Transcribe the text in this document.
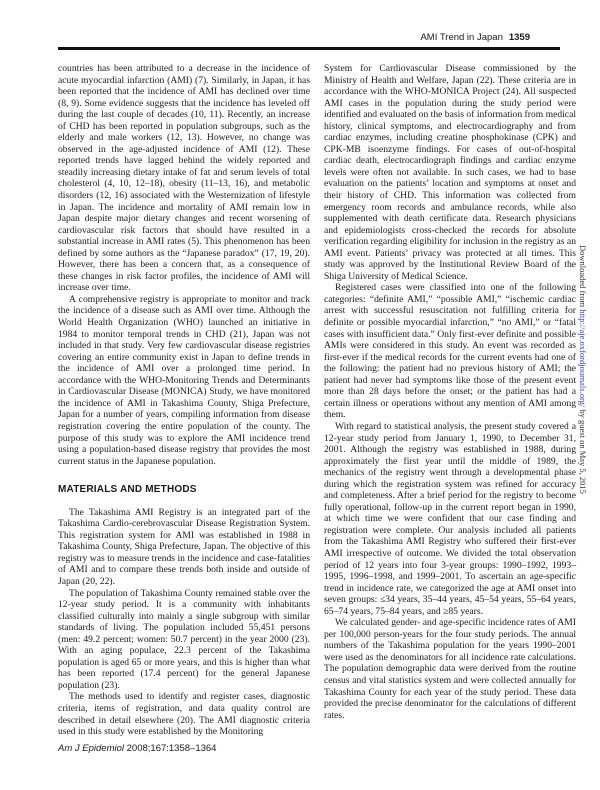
AMI Trend in Japan 1359

countries has been attributed to a decrease in the incidence of acute myocardial infarction (AMI) (7). Similarly, in Japan, it has been reported that the incidence of AMI has declined over time (8, 9). Some evidence suggests that the incidence has leveled off during the last couple of decades (10, 11). Recently, an increase of CHD has been reported in population subgroups, such as the elderly and male workers (12, 13). However, no change was observed in the age-adjusted incidence of AMI (12). These reported trends have lagged behind the widely reported and steadily increasing dietary intake of fat and serum levels of total cholesterol (4, 10, 12–18), obesity (11–13, 16), and metabolic disorders (12, 16) associated with the Westernization of lifestyle in Japan. The incidence and mortality of AMI remain low in Japan despite major dietary changes and recent worsening of cardiovascular risk factors that should have resulted in a substantial increase in AMI rates (5). This phenomenon has been defined by some authors as the “Japanese paradox” (17, 19, 20). However, there has been a concern that, as a consequence of these changes in risk factor profiles, the incidence of AMI will increase over time.

A comprehensive registry is appropriate to monitor and track the incidence of a disease such as AMI over time. Although the World Health Organization (WHO) launched an initiative in 1984 to monitor temporal trends in CHD (21), Japan was not included in that study. Very few cardiovascular disease registries covering an entire community exist in Japan to define trends in the incidence of AMI over a prolonged time period. In accordance with the WHO-Monitoring Trends and Determinants in Cardiovascular Disease (MONICA) Study, we have monitored the incidence of AMI in Takashima County, Shiga Prefecture, Japan for a number of years, compiling information from disease registration covering the entire population of the county. The purpose of this study was to explore the AMI incidence trend using a population-based disease registry that provides the most current status in the Japanese population.

MATERIALS AND METHODS

The Takashima AMI Registry is an integrated part of the Takashima Cardio-cerebrovascular Disease Registration System. This registration system for AMI was established in 1988 in Takashima County, Shiga Prefecture, Japan. The objective of this registry was to measure trends in the incidence and case-fatalities of AMI and to compare these trends both inside and outside of Japan (20, 22).

The population of Takashima County remained stable over the 12-year study period. It is a community with inhabitants classified culturally into mainly a single subgroup with similar standards of living. The population included 55,451 persons (men: 49.2 percent; women: 50.7 percent) in the year 2000 (23). With an aging populace, 22.3 percent of the Takashima population is aged 65 or more years, and this is higher than what has been reported (17.4 percent) for the general Japanese population (23).

The methods used to identify and register cases, diagnostic criteria, items of registration, and data quality control are described in detail elsewhere (20). The AMI diagnostic criteria used in this study were established by the Monitoring

System for Cardiovascular Disease commissioned by the Ministry of Health and Welfare, Japan (22). These criteria are in accordance with the WHO-MONICA Project (24). All suspected AMI cases in the population during the study period were identified and evaluated on the basis of information from medical history, clinical symptoms, and electrocardiography and from cardiac enzymes, including creatine phosphokinase (CPK) and CPK-MB isoenzyme findings. For cases of out-of-hospital cardiac death, electrocardiograph findings and cardiac enzyme levels were often not available. In such cases, we had to base evaluation on the patients’ location and symptoms at onset and their history of CHD. This information was collected from emergency room records and ambulance records, while also supplemented with death certificate data. Research physicians and epidemiologists cross-checked the records for absolute verification regarding eligibility for inclusion in the registry as an AMI event. Patients’ privacy was protected at all times. This study was approved by the Institutional Review Board of the Shiga University of Medical Science.

Registered cases were classified into one of the following categories: “definite AMI,” “possible AMI,” “ischemic cardiac arrest with successful resuscitation not fulfilling criteria for definite or possible myocardial infarction,” “no AMI,” or “fatal cases with insufficient data.” Only first-ever definite and possible AMIs were considered in this study. An event was recorded as first-ever if the medical records for the current events had one of the following: the patient had no previous history of AMI; the patient had never had symptoms like those of the present event more than 28 days before the onset; or the patient has had a certain illness or operations without any mention of AMI among them.

With regard to statistical analysis, the present study covered a 12-year study period from January 1, 1990, to December 31, 2001. Although the registry was established in 1988, during approximately the first year until the middle of 1989, the mechanics of the registry went through a developmental phase during which the registration system was refined for accuracy and completeness. After a brief period for the registry to become fully operational, follow-up in the current report began in 1990, at which time we were confident that our case finding and registration were complete. Our analysis included all patients from the Takashima AMI Registry who suffered their first-ever AMI irrespective of outcome. We divided the total observation period of 12 years into four 3-year groups: 1990–1992, 1993–1995, 1996–1998, and 1999–2001. To ascertain an age-specific trend in incidence rate, we categorized the age at AMI onset into seven groups: ≤34 years, 35–44 years, 45–54 years, 55–64 years, 65–74 years, 75–84 years, and ≥85 years.

We calculated gender- and age-specific incidence rates of AMI per 100,000 person-years for the four study periods. The annual numbers of the Takashima population for the years 1990–2001 were used as the denominators for all incidence rate calculations. The population demographic data were derived from the routine census and vital statistics system and were collected annually for Takashima County for each year of the study period. These data provided the precise denominator for the calculations of different rates.

Am J Epidemiol 2008;167:1358–1364
Downloaded from http://aje.oxfordjournals.org/ by guest on May 5, 2015
